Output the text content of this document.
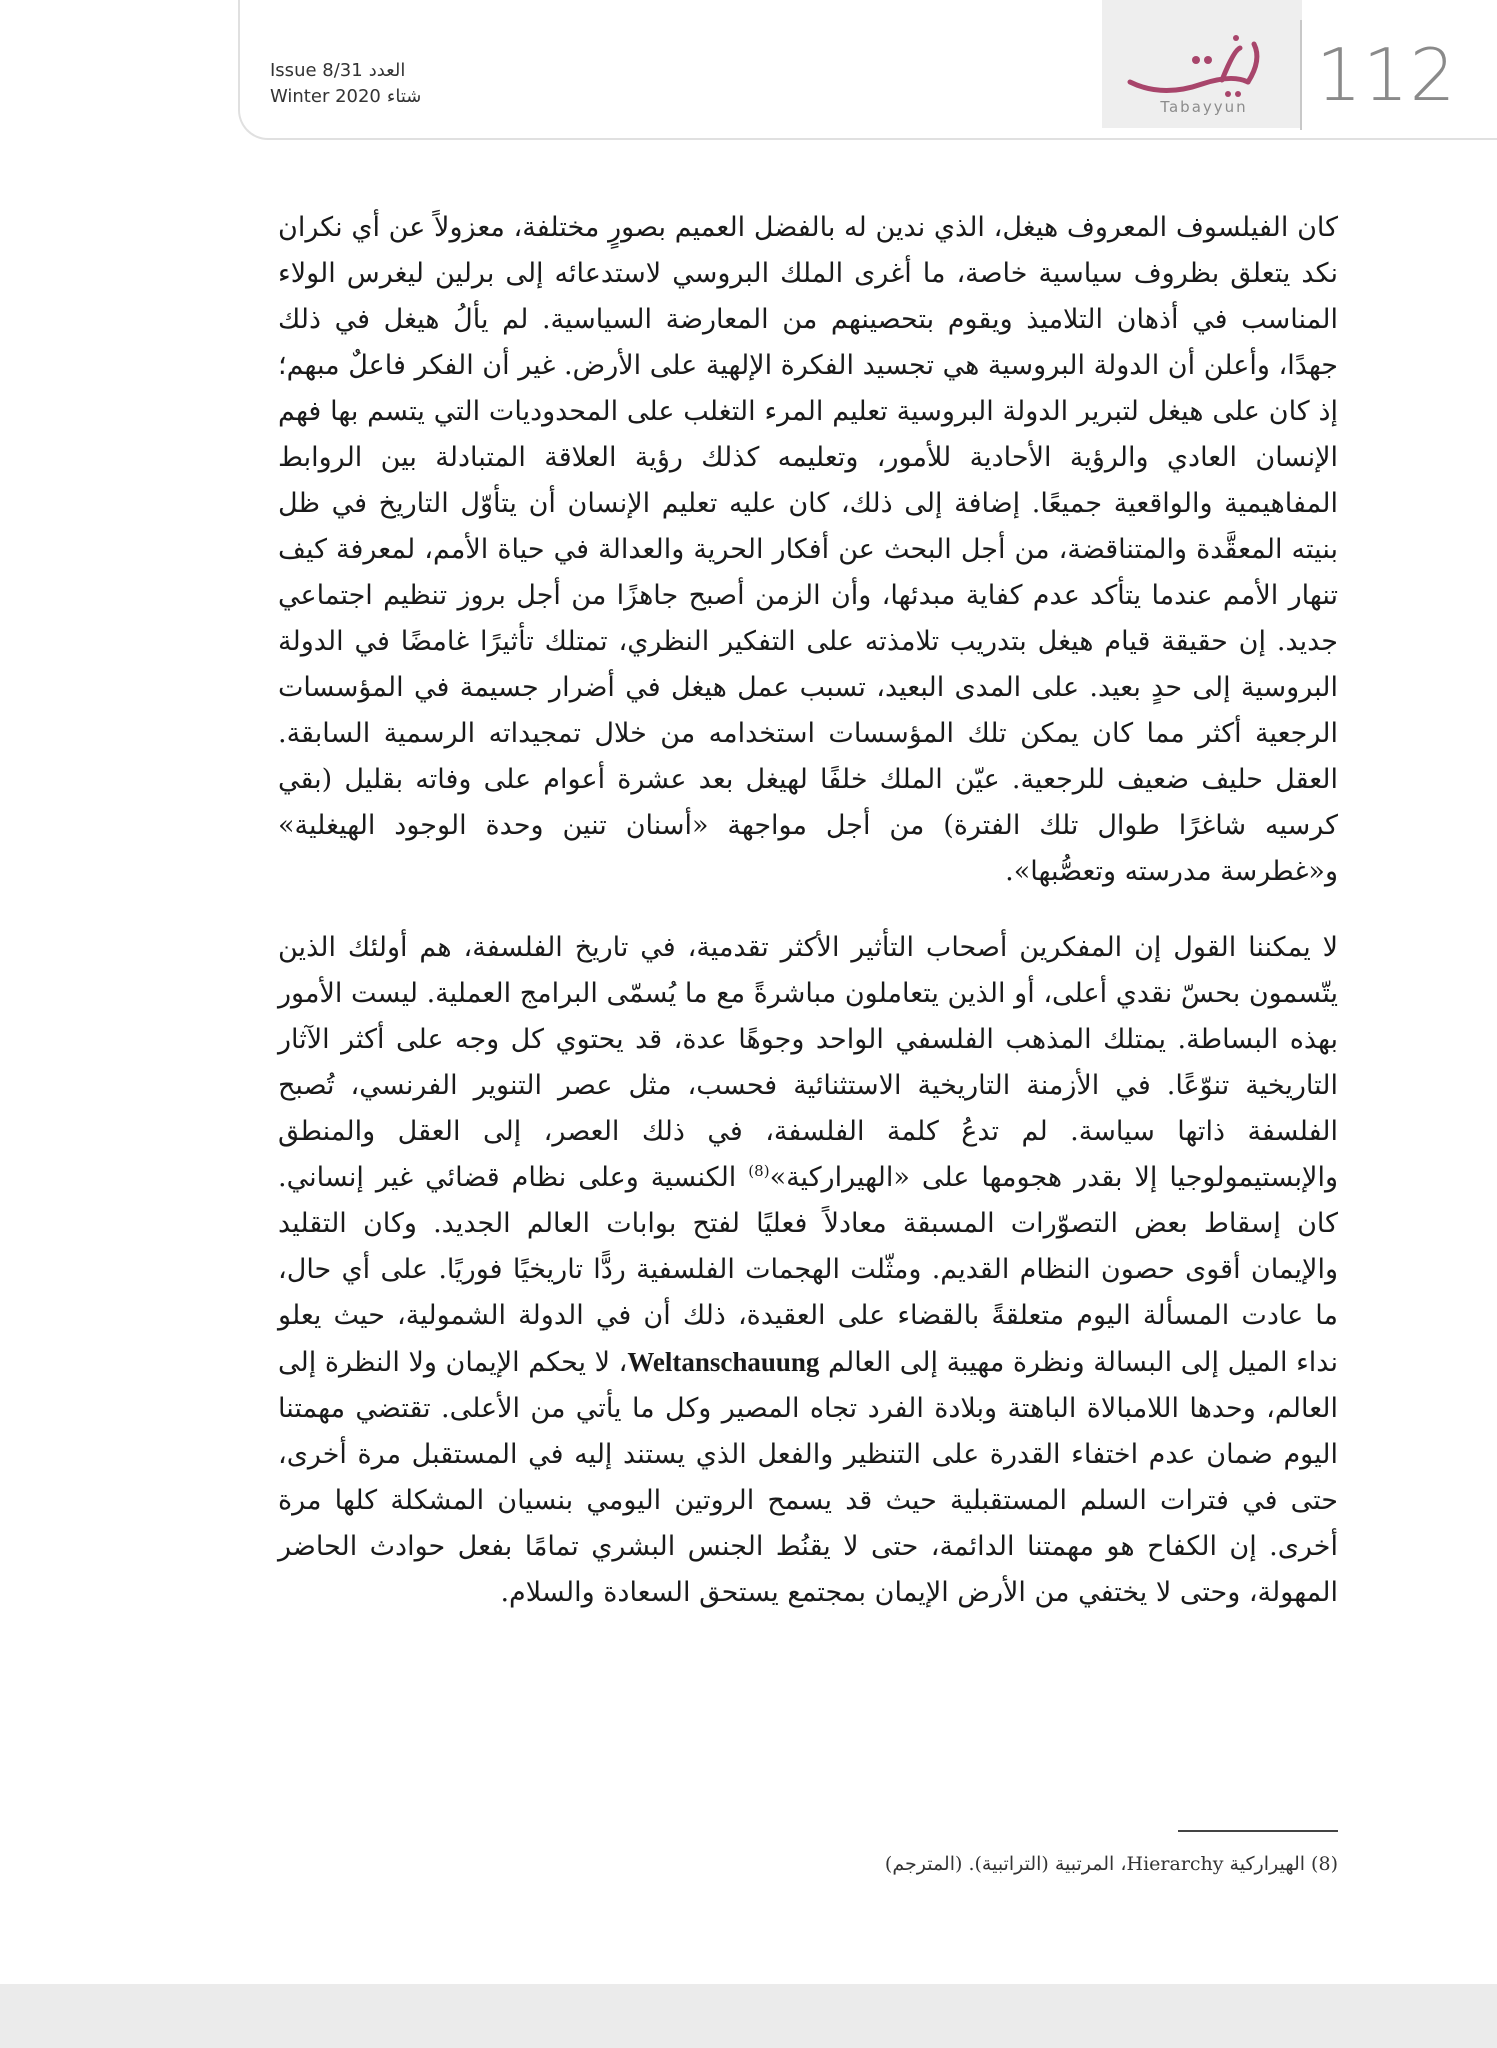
Tabayyun 112
Issue 8/31 العدد
Winter 2020 شتاء

كان الفيلسوف المعروف هيغل، الذي ندين له بالفضل العميم بصورٍ مختلفة، معزولاً عن أي نكران نكد يتعلق بظروف سياسية خاصة، ما أغرى الملك البروسي لاستدعائه إلى برلين ليغرس الولاء المناسب في أذهان التلاميذ ويقوم بتحصينهم من المعارضة السياسية. لم يألُ هيغل في ذلك جهدًا، وأعلن أن الدولة البروسية هي تجسيد الفكرة الإلهية على الأرض. غير أن الفكر فاعلٌ مبهم؛ إذ كان على هيغل لتبرير الدولة البروسية تعليم المرء التغلب على المحدوديات التي يتسم بها فهم الإنسان العادي والرؤية الأحادية للأمور، وتعليمه كذلك رؤية العلاقة المتبادلة بين الروابط المفاهيمية والواقعية جميعًا. إضافة إلى ذلك، كان عليه تعليم الإنسان أن يتأوّل التاريخ في ظل بنيته المعقَّدة والمتناقضة، من أجل البحث عن أفكار الحرية والعدالة في حياة الأمم، لمعرفة كيف تنهار الأمم عندما يتأكد عدم كفاية مبدئها، وأن الزمن أصبح جاهزًا من أجل بروز تنظيم اجتماعي جديد. إن حقيقة قيام هيغل بتدريب تلامذته على التفكير النظري، تمتلك تأثيرًا غامضًا في الدولة البروسية إلى حدٍ بعيد. على المدى البعيد، تسبب عمل هيغل في أضرار جسيمة في المؤسسات الرجعية أكثر مما كان يمكن تلك المؤسسات استخدامه من خلال تمجيداته الرسمية السابقة. العقل حليف ضعيف للرجعية. عيّن الملك خلفًا لهيغل بعد عشرة أعوام على وفاته بقليل (بقي كرسيه شاغرًا طوال تلك الفترة) من أجل مواجهة «أسنان تنين وحدة الوجود الهيغلية» و«غطرسة مدرسته وتعصُّبها».

لا يمكننا القول إن المفكرين أصحاب التأثير الأكثر تقدمية، في تاريخ الفلسفة، هم أولئك الذين يتّسمون بحسّ نقدي أعلى، أو الذين يتعاملون مباشرةً مع ما يُسمّى البرامج العملية. ليست الأمور بهذه البساطة. يمتلك المذهب الفلسفي الواحد وجوهًا عدة، قد يحتوي كل وجه على أكثر الآثار التاريخية تنوّعًا. في الأزمنة التاريخية الاستثنائية فحسب، مثل عصر التنوير الفرنسي، تُصبح الفلسفة ذاتها سياسة. لم تدعُ كلمة الفلسفة، في ذلك العصر، إلى العقل والمنطق والإبستيمولوجيا إلا بقدر هجومها على «الهيراركية»$^{(8)}$ الكنسية وعلى نظام قضائي غير إنساني. كان إسقاط بعض التصوّرات المسبقة معادلاً فعليًا لفتح بوابات العالم الجديد. وكان التقليد والإيمان أقوى حصون النظام القديم. ومثّلت الهجمات الفلسفية ردًّا تاريخيًا فوريًا. على أي حال، ما عادت المسألة اليوم متعلقةً بالقضاء على العقيدة، ذلك أن في الدولة الشمولية، حيث يعلو نداء الميل إلى البسالة ونظرة مهيبة إلى العالم Weltanschauung، لا يحكم الإيمان ولا النظرة إلى العالم، وحدها اللامبالاة الباهتة وبلادة الفرد تجاه المصير وكل ما يأتي من الأعلى. تقتضي مهمتنا اليوم ضمان عدم اختفاء القدرة على التنظير والفعل الذي يستند إليه في المستقبل مرة أخرى، حتى في فترات السلم المستقبلية حيث قد يسمح الروتين اليومي بنسيان المشكلة كلها مرة أخرى. إن الكفاح هو مهمتنا الدائمة، حتى لا يقنُط الجنس البشري تمامًا بفعل حوادث الحاضر المهولة، وحتى لا يختفي من الأرض الإيمان بمجتمع يستحق السعادة والسلام.

(8) الهيراركية Hierarchy، المرتبية (التراتبية). (المترجم)
